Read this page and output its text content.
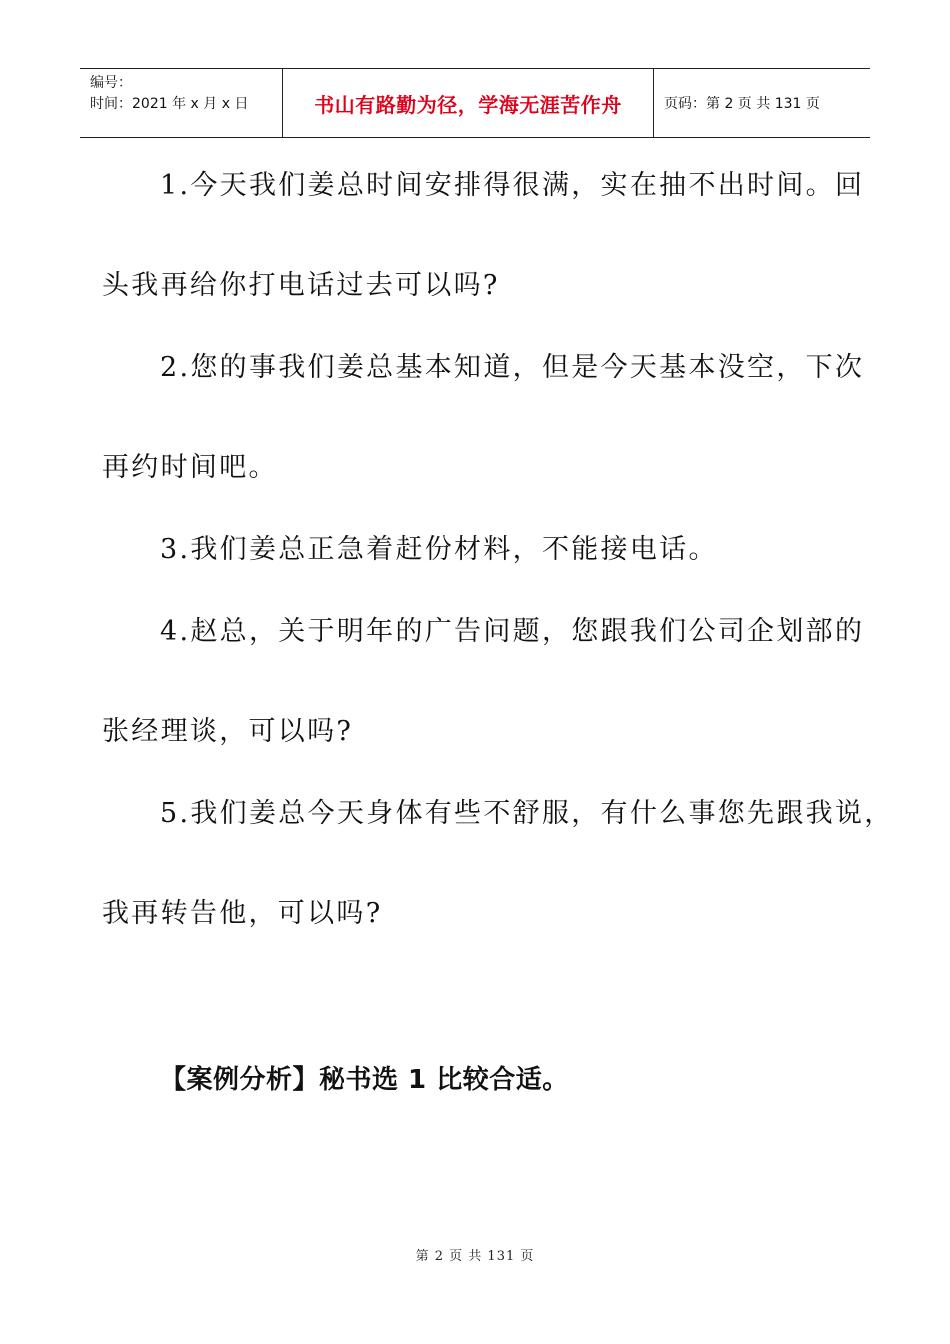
编号：
时间：2021 年 x 月 x 日	书山有路勤为径，学海无涯苦作舟	页码：第 2 页 共 131 页
1.今天我们姜总时间安排得很满，实在抽不出时间。回
头我再给你打电话过去可以吗?
2.您的事我们姜总基本知道，但是今天基本没空，下次
再约时间吧。
3.我们姜总正急着赶份材料，不能接电话。
4.赵总，关于明年的广告问题，您跟我们公司企划部的
张经理谈，可以吗?
5.我们姜总今天身体有些不舒服，有什么事您先跟我说，
我再转告他，可以吗?
【案例分析】秘书选 1 比较合适。
第 2 页 共 131 页
